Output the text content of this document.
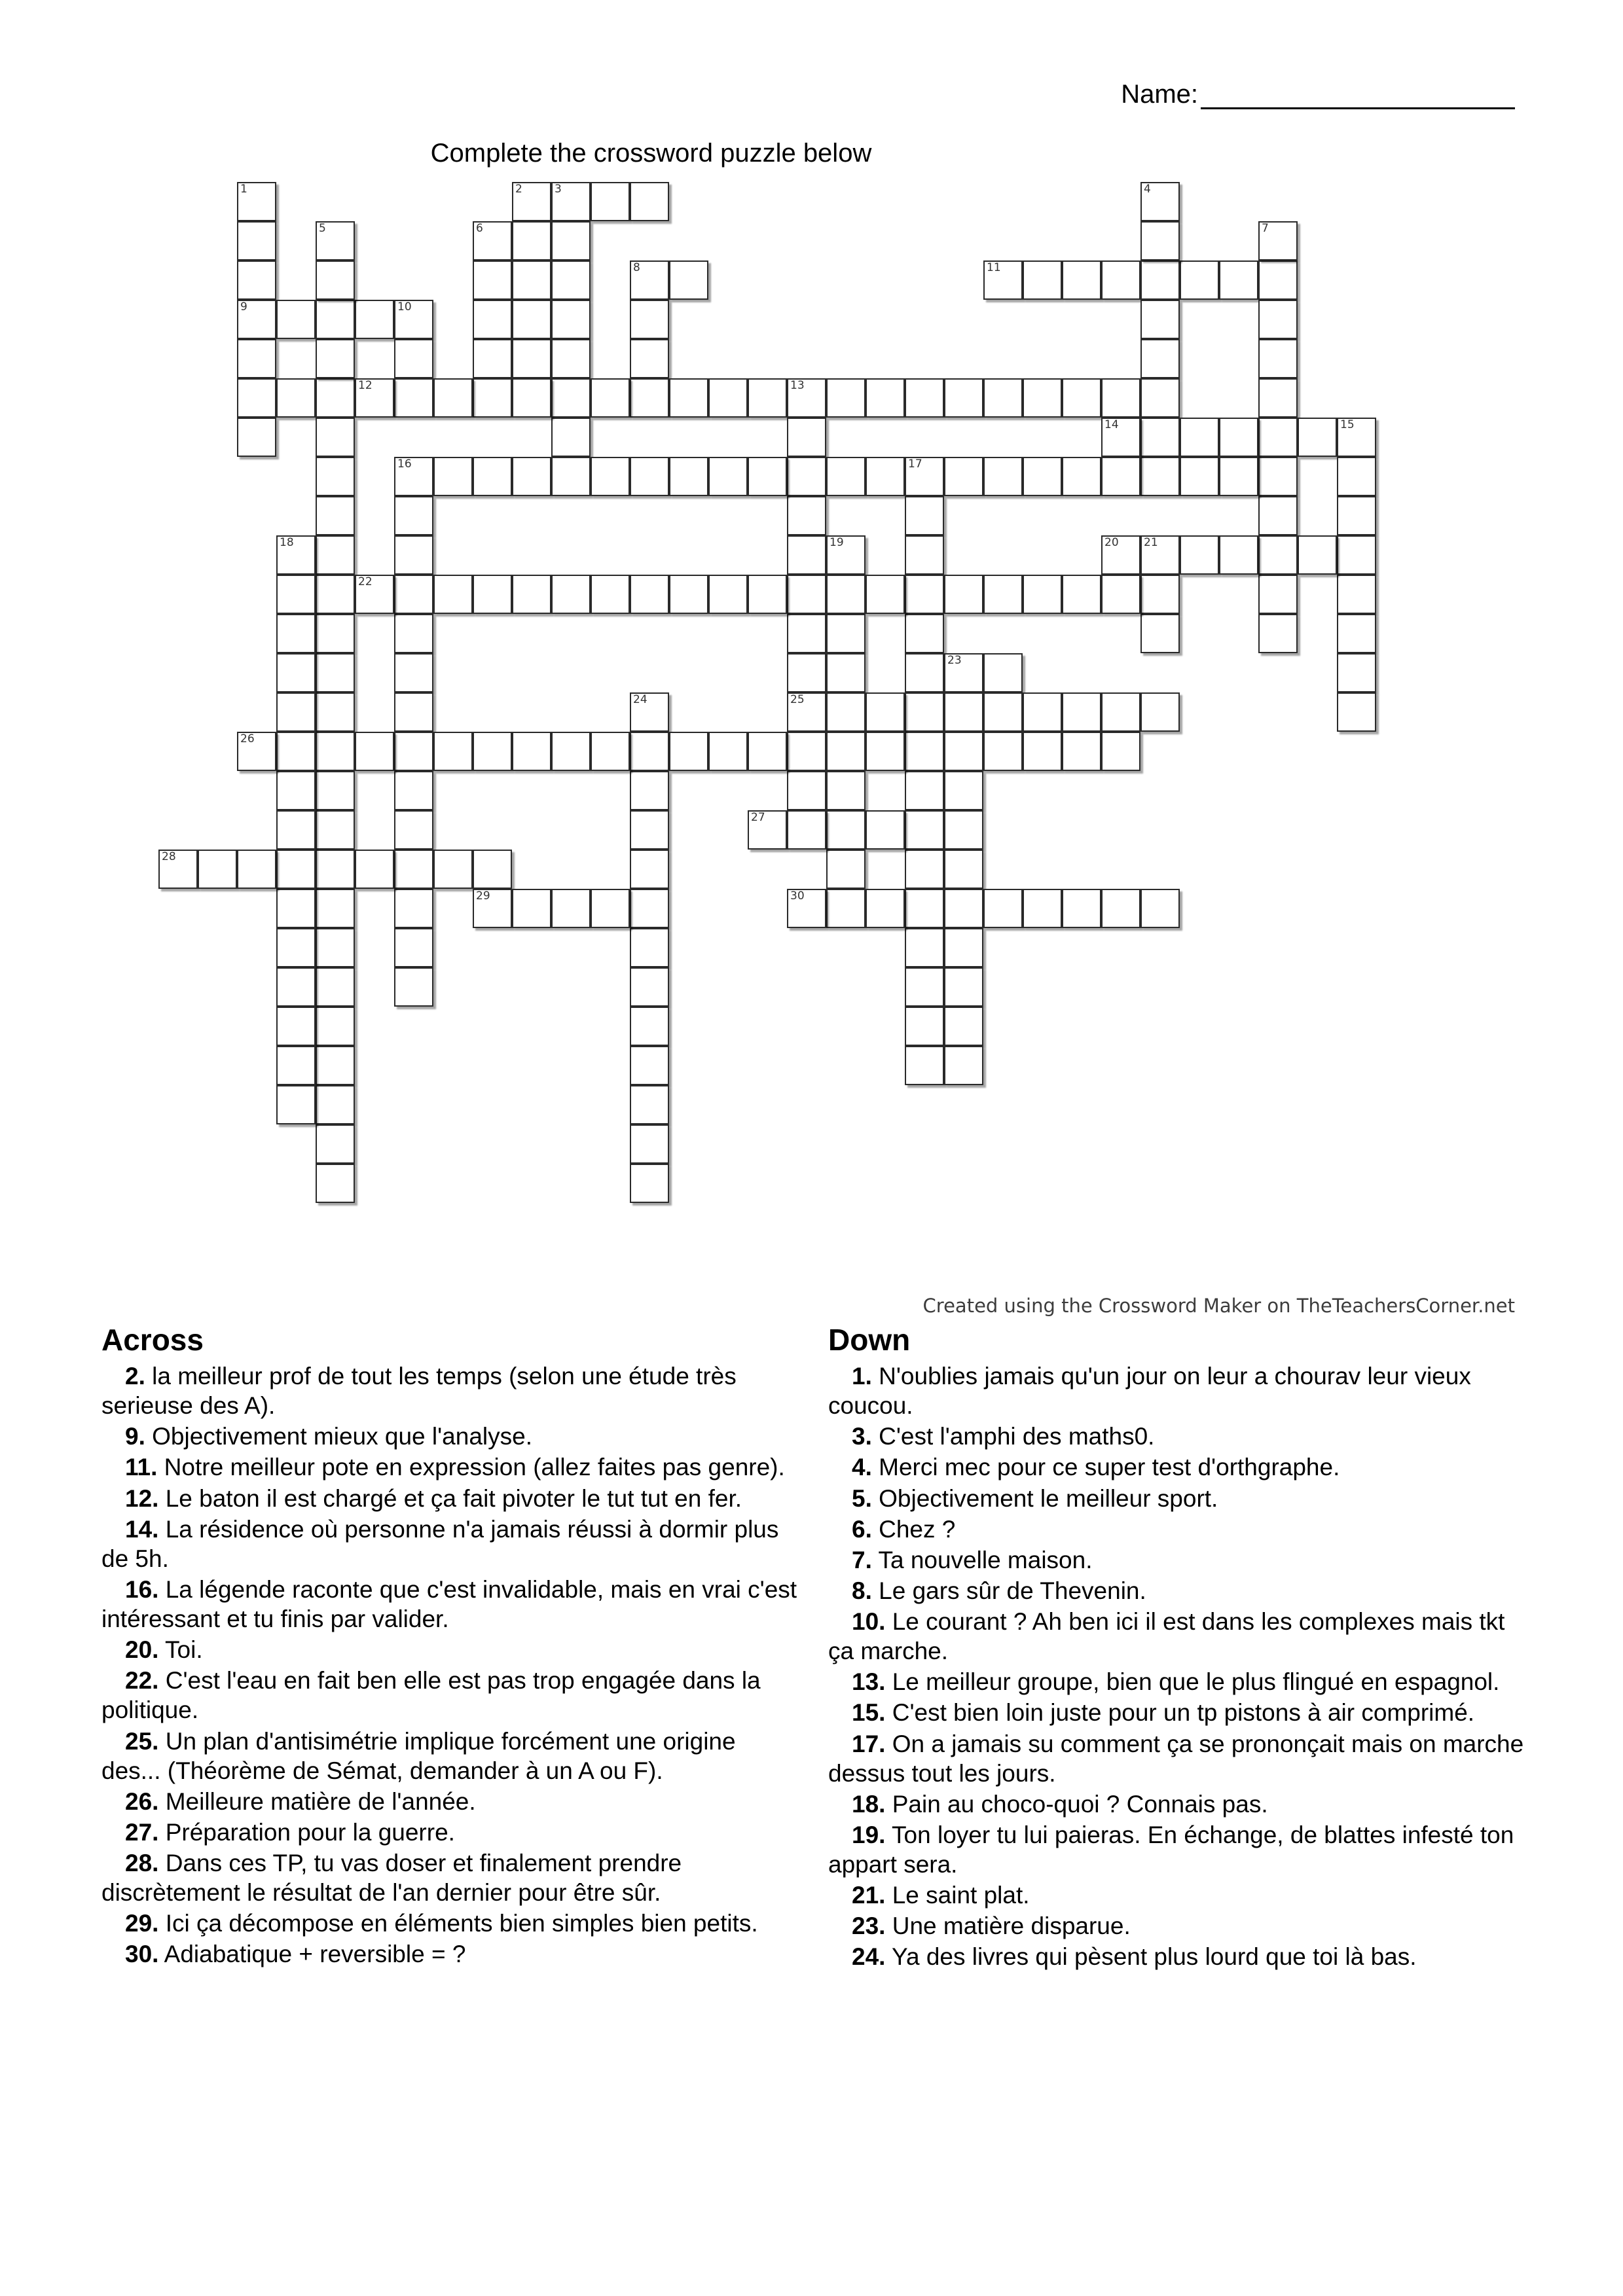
Name:
Complete the crossword puzzle below
1
9
5
10
6
2	3
8
12	13
25
11
4
7
14	15
16	17
18	19	20 21
22
23
24
26
27
28
29	30
Created using the Crossword Maker on TheTeachersCorner.net
Across
2. la meilleur prof de tout les temps (selon une étude très serieuse des A).
9. Objectivement mieux que l'analyse.
11. Notre meilleur pote en expression (allez faites pas genre).
12. Le baton il est chargé et ça fait pivoter le tut tut en fer.
14. La résidence où personne n'a jamais réussi à dormir plus de 5h.
16. La légende raconte que c'est invalidable, mais en vrai c'est intéressant et tu finis par valider.
20. Toi.
22. C'est l'eau en fait ben elle est pas trop engagée dans la politique.
25. Un plan d'antisimétrie implique forcément une origine des... (Théorème de Sémat, demander à un A ou F).
26. Meilleure matière de l'année.
27. Préparation pour la guerre.
28. Dans ces TP, tu vas doser et finalement prendre discrètement le résultat de l'an dernier pour être sûr.
29. Ici ça décompose en éléments bien simples bien petits.
30. Adiabatique + reversible = ?
Down
1. N'oublies jamais qu'un jour on leur a chourav leur vieux coucou.
3. C'est l'amphi des maths0.
4. Merci mec pour ce super test d'orthgraphe.
5. Objectivement le meilleur sport.
6. Chez ?
7. Ta nouvelle maison.
8. Le gars sûr de Thevenin.
10. Le courant ? Ah ben ici il est dans les complexes mais tkt ça marche.
13. Le meilleur groupe, bien que le plus flingué en espagnol.
15. C'est bien loin juste pour un tp pistons à air comprimé.
17. On a jamais su comment ça se prononçait mais on marche dessus tout les jours.
18. Pain au choco-quoi ? Connais pas.
19. Ton loyer tu lui paieras. En échange, de blattes infesté ton appart sera.
21. Le saint plat.
23. Une matière disparue.
24. Ya des livres qui pèsent plus lourd que toi là bas.
